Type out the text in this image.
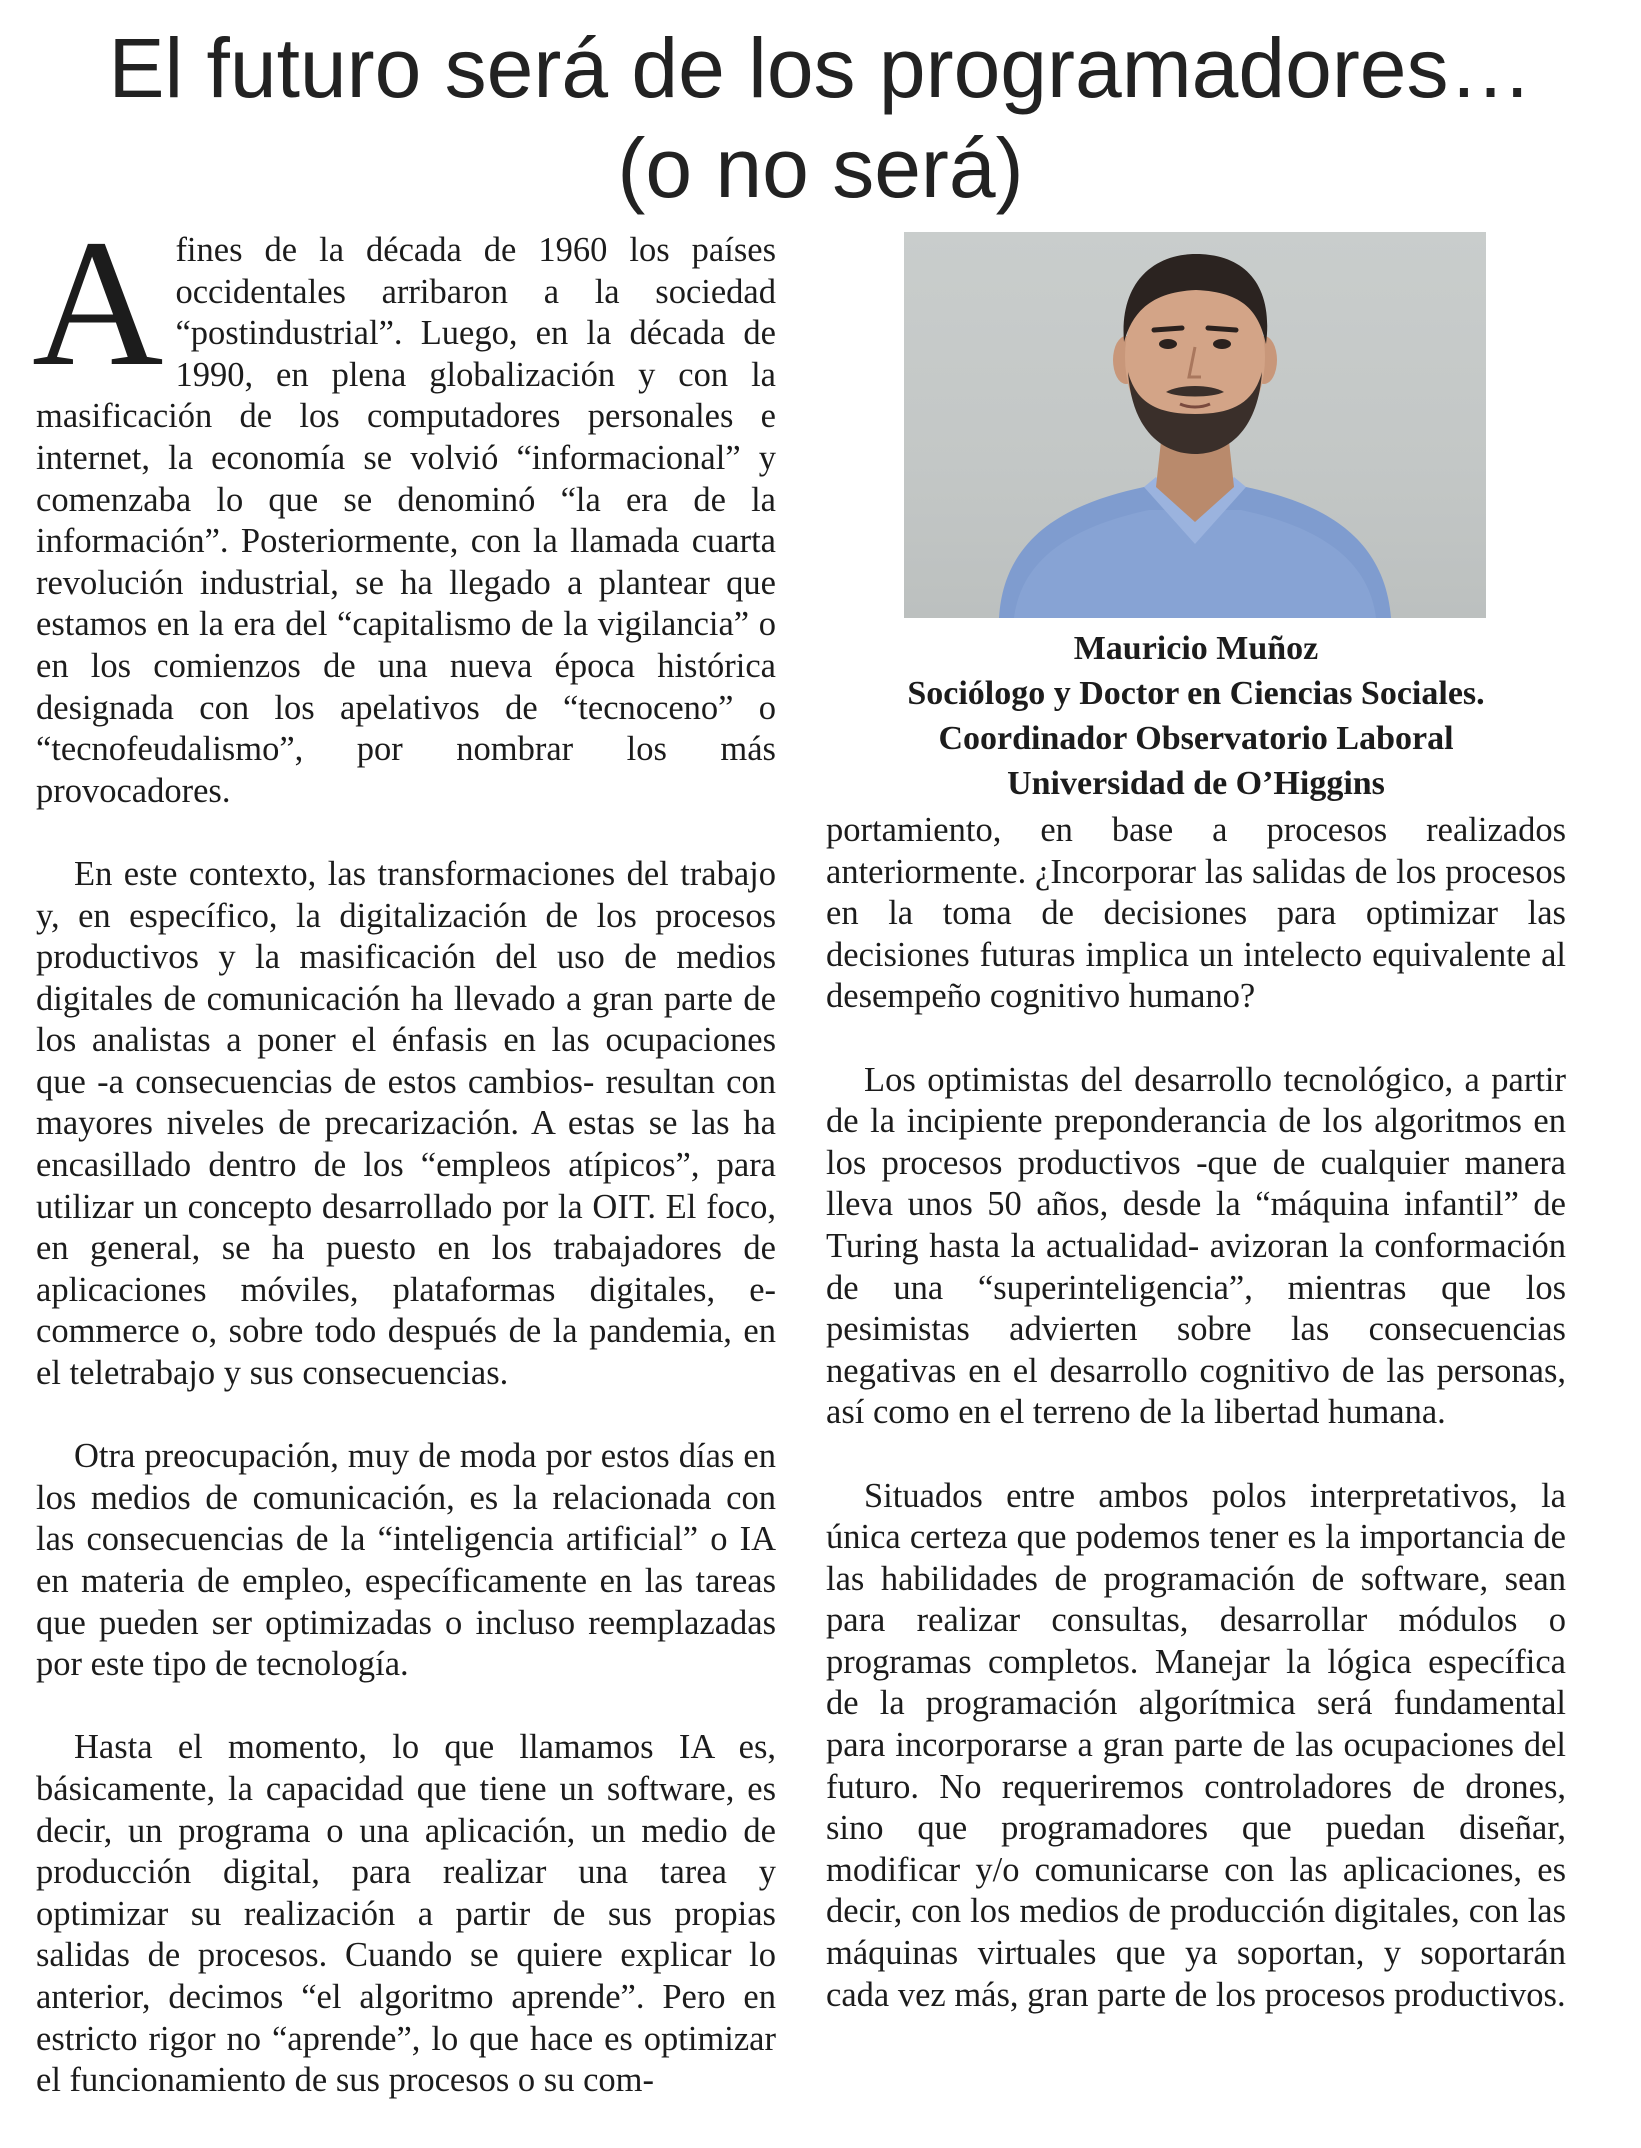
El futuro será de los programadores…
(o no será)

A fines de la década de 1960 los países occidentales arribaron a la sociedad “postindustrial”. Luego, en la década de 1990, en plena globalización y con la masificación de los computadores personales e internet, la economía se volvió “informacional” y comenzaba lo que se denominó “la era de la información”. Posteriormente, con la llamada cuarta revolución industrial, se ha llegado a plantear que estamos en la era del “capitalismo de la vigilancia” o en los comienzos de una nueva época histórica designada con los apelativos de “tecnoceno” o “tecnofeudalismo”, por nombrar los más provocadores.

En este contexto, las transformaciones del trabajo y, en específico, la digitalización de los procesos productivos y la masificación del uso de medios digitales de comunicación ha llevado a gran parte de los analistas a poner el énfasis en las ocupaciones que -a consecuencias de estos cambios- resultan con mayores niveles de precarización. A estas se las ha encasillado dentro de los “empleos atípicos”, para utilizar un concepto desarrollado por la OIT. El foco, en general, se ha puesto en los trabajadores de aplicaciones móviles, plataformas digitales, e-commerce o, sobre todo después de la pandemia, en el teletrabajo y sus consecuencias.

Otra preocupación, muy de moda por estos días en los medios de comunicación, es la relacionada con las consecuencias de la “inteligencia artificial” o IA en materia de empleo, específicamente en las tareas que pueden ser optimizadas o incluso reemplazadas por este tipo de tecnología.

Hasta el momento, lo que llamamos IA es, básicamente, la capacidad que tiene un software, es decir, un programa o una aplicación, un medio de producción digital, para realizar una tarea y optimizar su realización a partir de sus propias salidas de procesos. Cuando se quiere explicar lo anterior, decimos “el algoritmo aprende”. Pero en estricto rigor no “aprende”, lo que hace es optimizar el funcionamiento de sus procesos o su com-

Mauricio Muñoz
Sociólogo y Doctor en Ciencias Sociales.
Coordinador Observatorio Laboral
Universidad de O’Higgins

portamiento, en base a procesos realizados anteriormente. ¿Incorporar las salidas de los procesos en la toma de decisiones para optimizar las decisiones futuras implica un intelecto equivalente al desempeño cognitivo humano?

Los optimistas del desarrollo tecnológico, a partir de la incipiente preponderancia de los algoritmos en los procesos productivos -que de cualquier manera lleva unos 50 años, desde la “máquina infantil” de Turing hasta la actualidad- avizoran la conformación de una “superinteligencia”, mientras que los pesimistas advierten sobre las consecuencias negativas en el desarrollo cognitivo de las personas, así como en el terreno de la libertad humana.

Situados entre ambos polos interpretativos, la única certeza que podemos tener es la importancia de las habilidades de programación de software, sean para realizar consultas, desarrollar módulos o programas completos. Manejar la lógica específica de la programación algorítmica será fundamental para incorporarse a gran parte de las ocupaciones del futuro. No requeriremos controladores de drones, sino que programadores que puedan diseñar, modificar y/o comunicarse con las aplicaciones, es decir, con los medios de producción digitales, con las máquinas virtuales que ya soportan, y soportarán cada vez más, gran parte de los procesos productivos.
